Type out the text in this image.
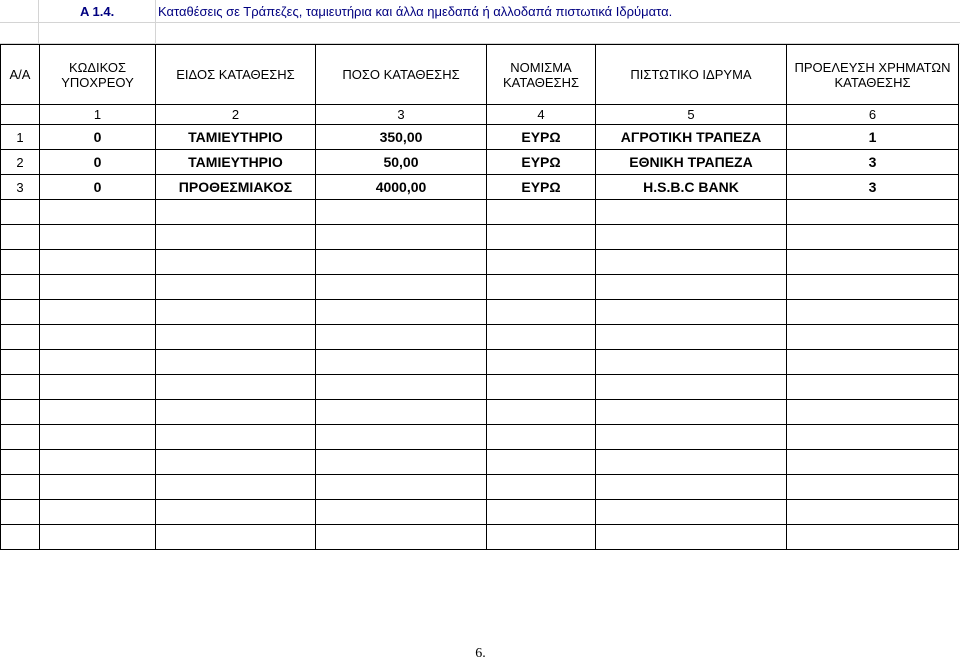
A 1.4.	Καταθέσεις σε Τράπεζες, ταμιευτήρια και άλλα ημεδαπά ή αλλοδαπά πιστωτικά Ιδρύματα.
Α/Α	ΚΩΔΙΚΟΣ ΥΠΟΧΡΕΟΥ	ΕΙΔΟΣ ΚΑΤΑΘΕΣΗΣ	ΠΟΣΟ ΚΑΤΑΘΕΣΗΣ	ΝΟΜΙΣΜΑ ΚΑΤΑΘΕΣΗΣ	ΠΙΣΤΩΤΙΚΟ ΙΔΡΥΜΑ	ΠΡΟΕΛΕΥΣΗ ΧΡΗΜΑΤΩΝ ΚΑΤΑΘΕΣΗΣ
	1	2	3	4	5	6
1	0	ΤΑΜΙΕΥΤΗΡΙΟ	350,00	ΕΥΡΩ	ΑΓΡΟΤΙΚΗ ΤΡΑΠΕΖΑ	1
2	0	ΤΑΜΙΕΥΤΗΡΙΟ	50,00	ΕΥΡΩ	ΕΘΝΙΚΗ ΤΡΑΠΕΖΑ	3
3	0	ΠΡΟΘΕΣΜΙΑΚΟΣ	4000,00	ΕΥΡΩ	H.S.B.C BANK	3

6.
